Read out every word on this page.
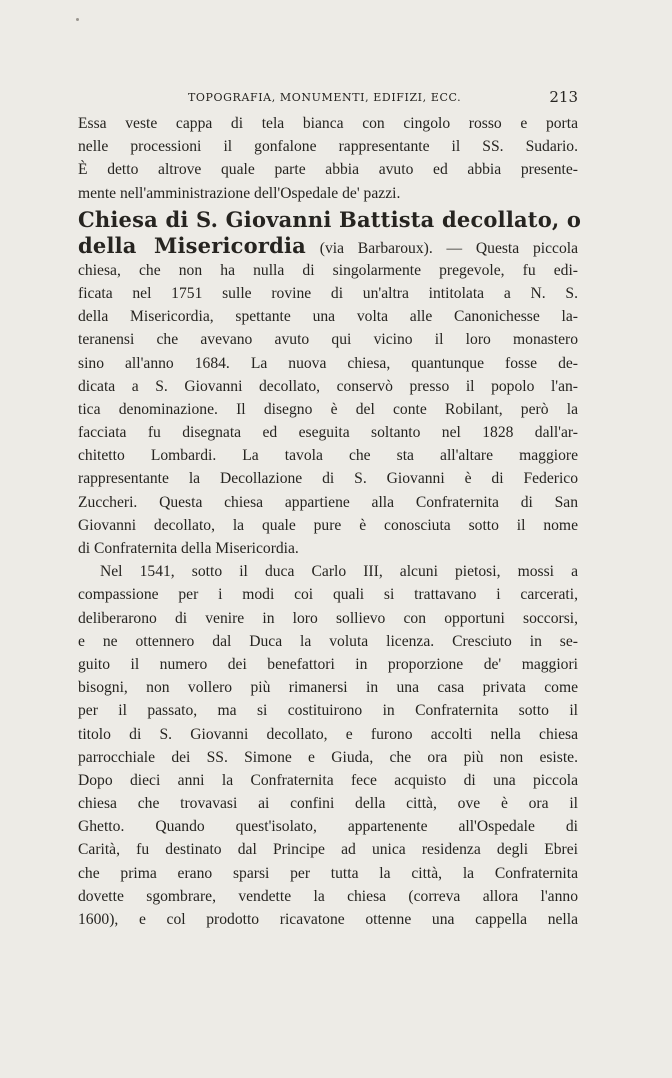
TOPOGRAFIA, MONUMENTI, EDIFIZI, ECC.	213
Essa veste cappa di tela bianca con cingolo rosso e porta
nelle processioni il gonfalone rappresentante il SS. Sudario.
È detto altrove quale parte abbia avuto ed abbia presente-
mente nell'amministrazione dell'Ospedale de' pazzi.
Chiesa di S. Giovanni Battista decollato, o
della Misericordia (via Barbaroux). — Questa piccola
chiesa, che non ha nulla di singolarmente pregevole, fu edi-
ficata nel 1751 sulle rovine di un'altra intitolata a N. S.
della Misericordia, spettante una volta alle Canonichesse la-
teranensi che avevano avuto qui vicino il loro monastero
sino all'anno 1684. La nuova chiesa, quantunque fosse de-
dicata a S. Giovanni decollato, conservò presso il popolo l'an-
tica denominazione. Il disegno è del conte Robilant, però la
facciata fu disegnata ed eseguita soltanto nel 1828 dall'ar-
chitetto Lombardi. La tavola che sta all'altare maggiore
rappresentante la Decollazione di S. Giovanni è di Federico
Zuccheri. Questa chiesa appartiene alla Confraternita di San
Giovanni decollato, la quale pure è conosciuta sotto il nome
di Confraternita della Misericordia.
Nel 1541, sotto il duca Carlo III, alcuni pietosi, mossi a
compassione per i modi coi quali si trattavano i carcerati,
deliberarono di venire in loro sollievo con opportuni soccorsi,
e ne ottennero dal Duca la voluta licenza. Cresciuto in se-
guito il numero dei benefattori in proporzione de' maggiori
bisogni, non vollero più rimanersi in una casa privata come
per il passato, ma si costituirono in Confraternita sotto il
titolo di S. Giovanni decollato, e furono accolti nella chiesa
parrocchiale dei SS. Simone e Giuda, che ora più non esiste.
Dopo dieci anni la Confraternita fece acquisto di una piccola
chiesa che trovavasi ai confini della città, ove è ora il
Ghetto. Quando quest'isolato, appartenente all'Ospedale di
Carità, fu destinato dal Principe ad unica residenza degli Ebrei
che prima erano sparsi per tutta la città, la Confraternita
dovette sgombrare, vendette la chiesa (correva allora l'anno
1600), e col prodotto ricavatone ottenne una cappella nella
